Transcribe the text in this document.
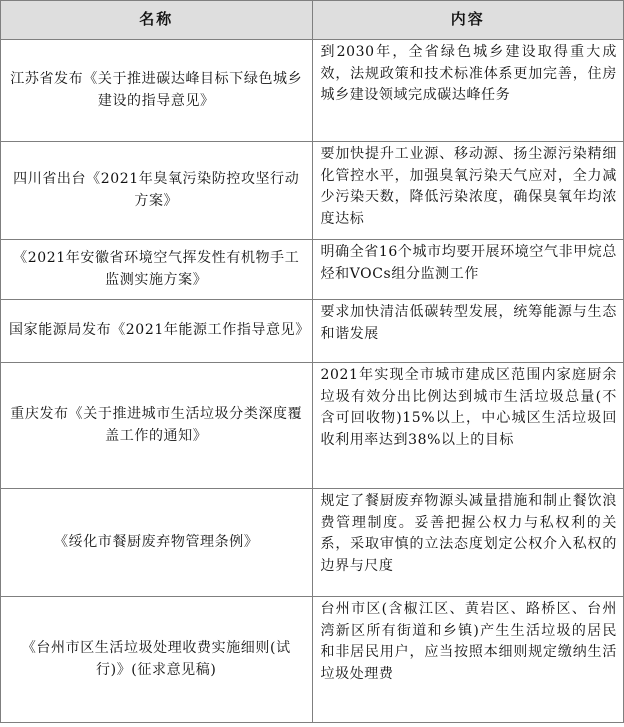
名称	内容
江苏省发布《关于推进碳达峰目标下绿色城乡建设的指导意见》	到2030年，全省绿色城乡建设取得重大成效，法规政策和技术标准体系更加完善，住房城乡建设领域完成碳达峰任务
四川省出台《2021年臭氧污染防控攻坚行动方案》	要加快提升工业源、移动源、扬尘源污染精细化管控水平，加强臭氧污染天气应对，全力减少污染天数，降低污染浓度，确保臭氧年均浓度达标
《2021年安徽省环境空气挥发性有机物手工监测实施方案》	明确全省16个城市均要开展环境空气非甲烷总烃和VOCs组分监测工作
国家能源局发布《2021年能源工作指导意见》	要求加快清洁低碳转型发展，统筹能源与生态和谐发展
重庆发布《关于推进城市生活垃圾分类深度覆盖工作的通知》	2021年实现全市城市建成区范围内家庭厨余垃圾有效分出比例达到城市生活垃圾总量(不含可回收物)15%以上，中心城区生活垃圾回收利用率达到38%以上的目标
《绥化市餐厨废弃物管理条例》	规定了餐厨废弃物源头减量措施和制止餐饮浪费管理制度。妥善把握公权力与私权利的关系，采取审慎的立法态度划定公权介入私权的边界与尺度
《台州市区生活垃圾处理收费实施细则(试行)》(征求意见稿)	台州市区(含椒江区、黄岩区、路桥区、台州湾新区所有街道和乡镇)产生生活垃圾的居民和非居民用户，应当按照本细则规定缴纳生活垃圾处理费
